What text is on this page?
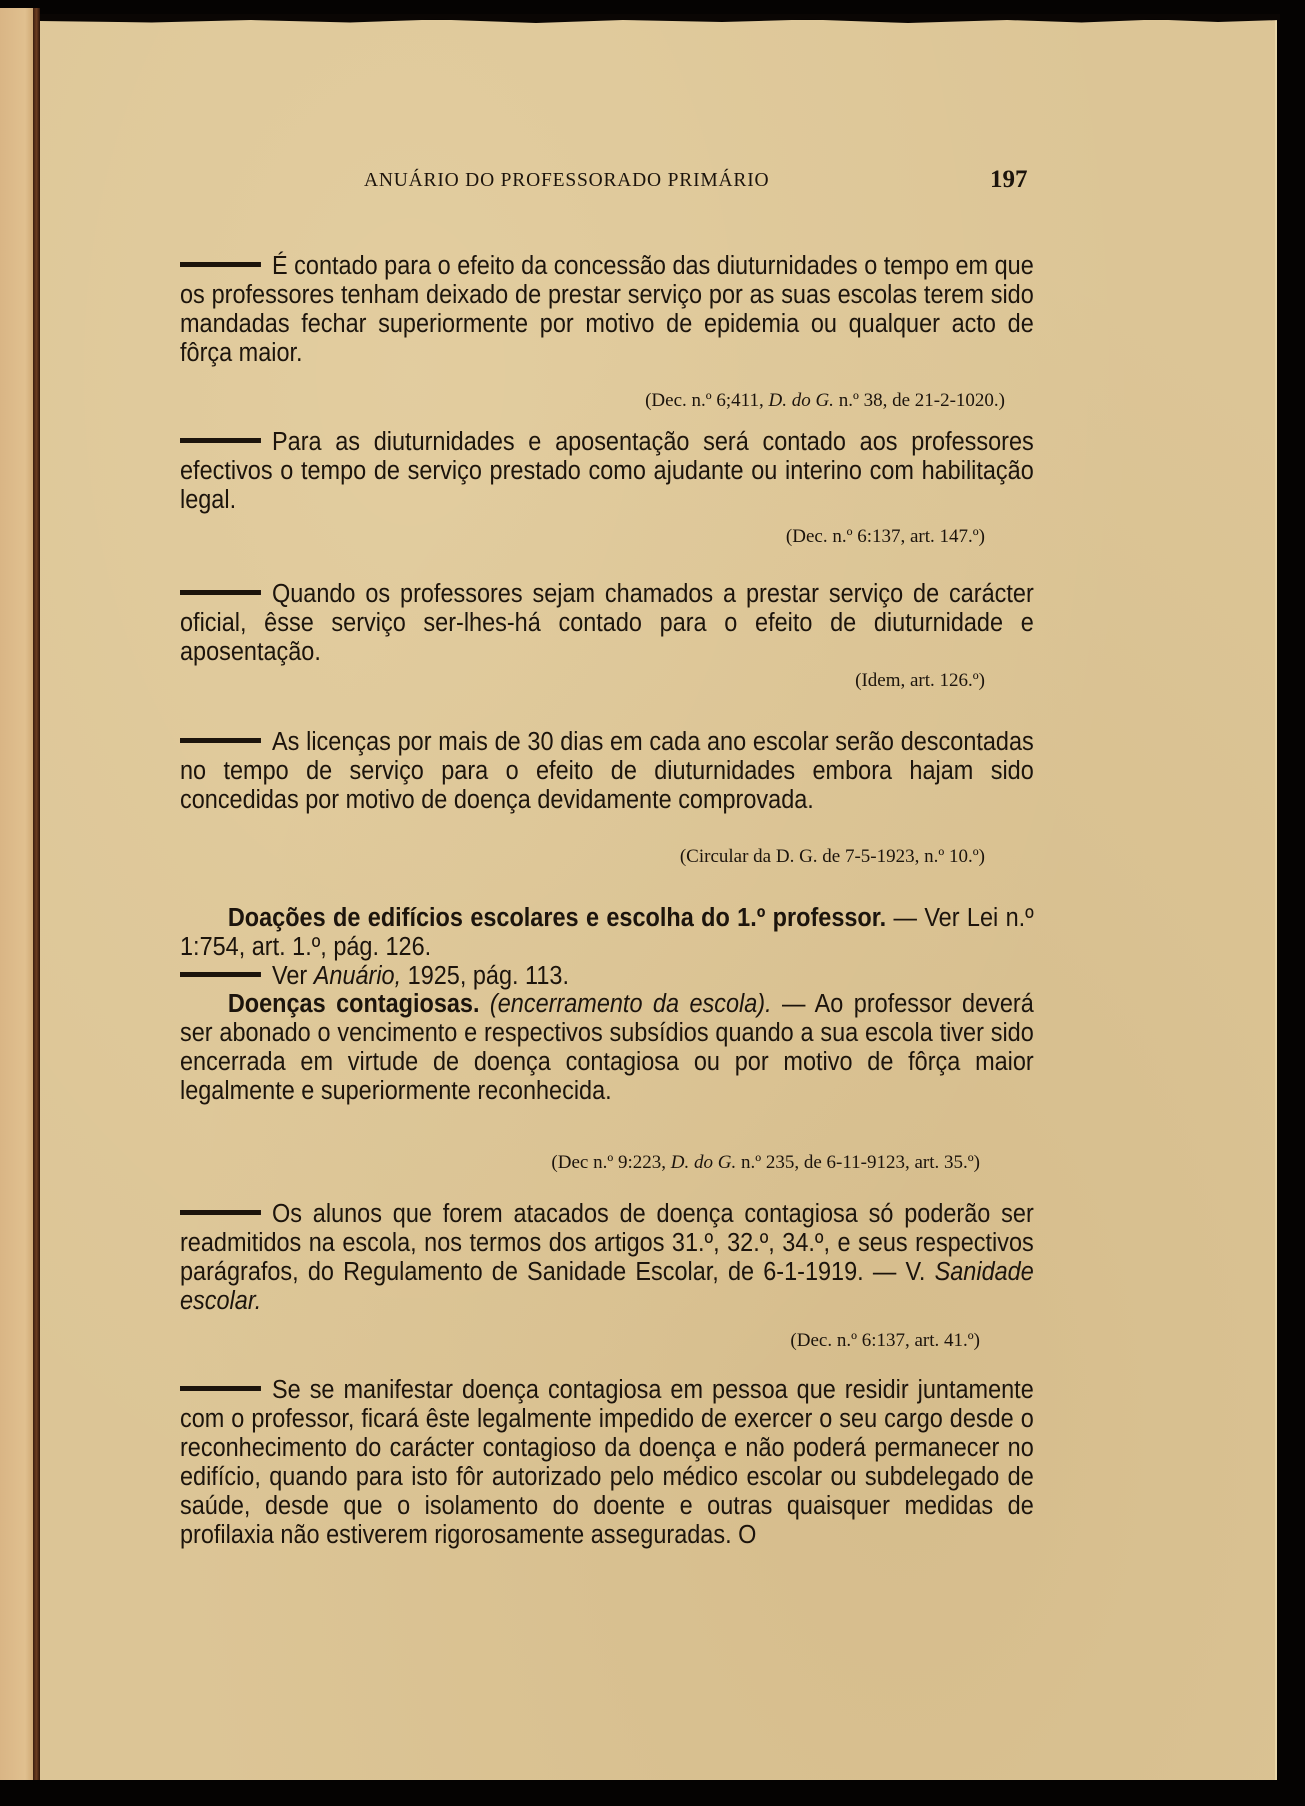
ANUÁRIO DO PROFESSORADO PRIMÁRIO	197
É contado para o efeito da concessão das diuturnidades o tempo em que os professores tenham deixado de prestar serviço por as suas escolas terem sido mandadas fechar superiormente por motivo de epidemia ou qualquer acto de fôrça maior.
(Dec. n.º 6;411, D. do G. n.º 38, de 21-2-1020.)
Para as diuturnidades e aposentação será contado aos professores efectivos o tempo de serviço prestado como ajudante ou interino com habilitação legal.
(Dec. n.º 6:137, art. 147.º)
Quando os professores sejam chamados a prestar serviço de carácter oficial, êsse serviço ser-lhes-há contado para o efeito de diuturnidade e aposentação.
(Idem, art. 126.º)
As licenças por mais de 30 dias em cada ano escolar serão descontadas no tempo de serviço para o efeito de diuturnidades embora hajam sido concedidas por motivo de doença devidamente comprovada.
(Circular da D. G. de 7-5-1923, n.º 10.º)
Doações de edifícios escolares e escolha do 1.º professor. — Ver Lei n.º 1:754, art. 1.º, pág. 126.
Ver Anuário, 1925, pág. 113.
Doenças contagiosas. (encerramento da escola). — Ao professor deverá ser abonado o vencimento e respectivos subsídios quando a sua escola tiver sido encerrada em virtude de doença contagiosa ou por motivo de fôrça maior legalmente e superiormente reconhecida.
(Dec n.º 9:223, D. do G. n.º 235, de 6-11-9123, art. 35.º)
Os alunos que forem atacados de doença contagiosa só poderão ser readmitidos na escola, nos termos dos artigos 31.º, 32.º, 34.º, e seus respectivos parágrafos, do Regulamento de Sanidade Escolar, de 6-1-1919. — V. Sanidade escolar.
(Dec. n.º 6:137, art. 41.º)
Se se manifestar doença contagiosa em pessoa que residir juntamente com o professor, ficará êste legalmente impedido de exercer o seu cargo desde o reconhecimento do carácter contagioso da doença e não poderá permanecer no edifício, quando para isto fôr autorizado pelo médico escolar ou subdelegado de saúde, desde que o isolamento do doente e outras quaisquer medidas de profilaxia não estiverem rigorosamente asseguradas. O
